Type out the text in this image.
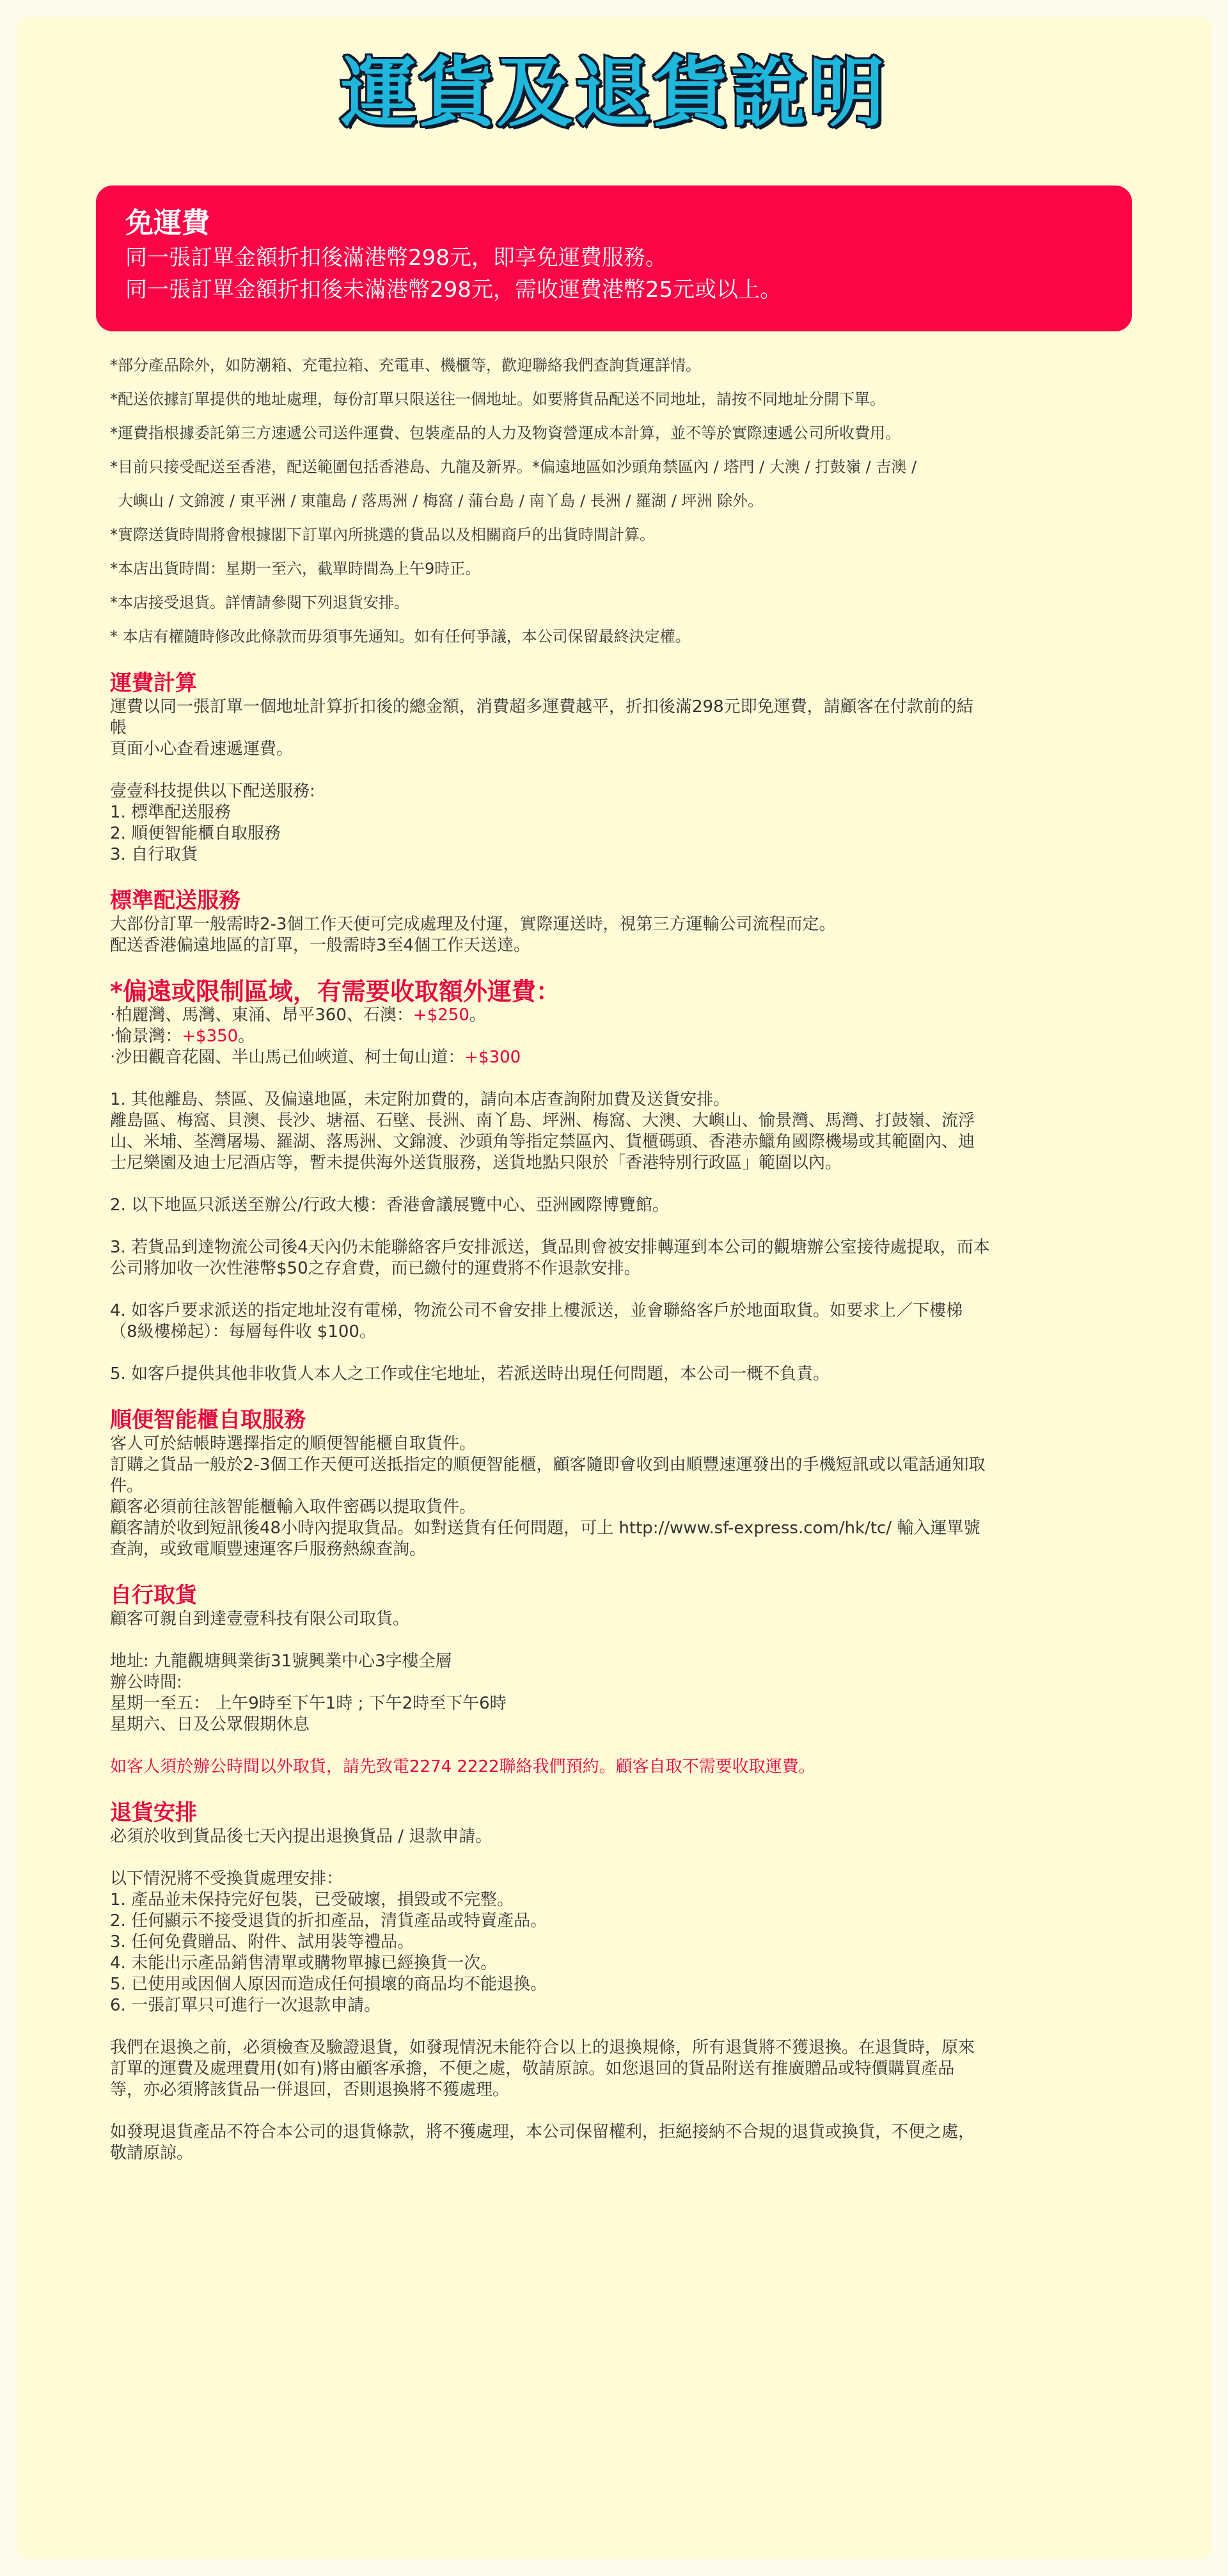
運貨及退貨說明
免運費
同一張訂單金額折扣後滿港幣298元，即享免運費服務。
同一張訂單金額折扣後未滿港幣298元，需收運費港幣25元或以上。
*部分產品除外，如防潮箱、充電拉箱、充電車、機櫃等，歡迎聯絡我們查詢貨運詳情。
*配送依據訂單提供的地址處理，每份訂單只限送往一個地址。如要將貨品配送不同地址，請按不同地址分開下單。
*運費指根據委託第三方速遞公司送件運費、包裝產品的人力及物資營運成本計算，並不等於實際速遞公司所收費用。
*目前只接受配送至香港，配送範圍包括香港島、九龍及新界。*偏遠地區如沙頭角禁區內 / 塔門 / 大澳 / 打鼓嶺 / 吉澳 /
大嶼山 / 文錦渡 / 東平洲 / 東龍島 / 落馬洲 / 梅窩 / 蒲台島 / 南丫島 / 長洲 / 羅湖 / 坪洲 除外。
*實際送貨時間將會根據閣下訂單內所挑選的貨品以及相關商戶的出貨時間計算。
*本店出貨時間：星期一至六，截單時間為上午9時正。
*本店接受退貨。詳情請參閱下列退貨安排。
* 本店有權隨時修改此條款而毋須事先通知。如有任何爭議，本公司保留最終決定權。
運費計算
運費以同一張訂單一個地址計算折扣後的總金額，消費超多運費越平，折扣後滿298元即免運費，請顧客在付款前的結
帳
頁面小心查看速遞運費。
壹壹科技提供以下配送服務:
1. 標準配送服務
2. 順便智能櫃自取服務
3. 自行取貨
標準配送服務
大部份訂單一般需時2-3個工作天便可完成處理及付運，實際運送時，視第三方運輸公司流程而定。
配送香港偏遠地區的訂單，一般需時3至4個工作天送達。
*偏遠或限制區域，有需要收取額外運費：
‧柏麗灣、馬灣、東涌、昂平360、石澳：+$250。
‧愉景灣：+$350。
‧沙田觀音花園、半山馬己仙峽道、柯士甸山道：+$300
1. 其他離島、禁區、及偏遠地區，未定附加費的，請向本店查詢附加費及送貨安排。
離島區、梅窩、貝澳、長沙、塘福、石壁、長洲、南丫島、坪洲、梅窩、大澳、大嶼山、愉景灣、馬灣、打鼓嶺、流浮
山、米埔、荃灣屠場、羅湖、落馬洲、文錦渡、沙頭角等指定禁區內、貨櫃碼頭、香港赤鱲角國際機場或其範圍內、迪
士尼樂園及迪士尼酒店等，暫未提供海外送貨服務，送貨地點只限於「香港特別行政區」範圍以內。
2. 以下地區只派送至辦公/行政大樓：香港會議展覽中心、亞洲國際博覽館。
3. 若貨品到達物流公司後4天內仍未能聯絡客戶安排派送，貨品則會被安排轉運到本公司的觀塘辦公室接待處提取，而本
公司將加收一次性港幣$50之存倉費，而已繳付的運費將不作退款安排。
4. 如客戶要求派送的指定地址沒有電梯，物流公司不會安排上樓派送，並會聯絡客戶於地面取貨。如要求上／下樓梯
（8級樓梯起）：每層每件收 $100。
5. 如客戶提供其他非收貨人本人之工作或住宅地址，若派送時出現任何問題，本公司一概不負責。
順便智能櫃自取服務
客人可於結帳時選擇指定的順便智能櫃自取貨件。
訂購之貨品一般於2-3個工作天便可送抵指定的順便智能櫃，顧客隨即會收到由順豐速運發出的手機短訊或以電話通知取
件。
顧客必須前往該智能櫃輸入取件密碼以提取貨件。
顧客請於收到短訊後48小時內提取貨品。如對送貨有任何問題，可上 http://www.sf-express.com/hk/tc/ 輸入運單號
查詢，或致電順豐速運客戶服務熱線查詢。
自行取貨
顧客可親自到達壹壹科技有限公司取貨。
地址: 九龍觀塘興業街31號興業中心3字樓全層
辦公時間:
星期一至五： 上午9時至下午1時 ; 下午2時至下午6時
星期六、日及公眾假期休息
如客人須於辦公時間以外取貨，請先致電2274 2222聯絡我們預約。顧客自取不需要收取運費。
退貨安排
必須於收到貨品後七天內提出退換貨品 / 退款申請。
以下情況將不受換貨處理安排：
1. 產品並未保持完好包裝，已受破壞，損毀或不完整。
2. 任何顯示不接受退貨的折扣產品，清貨產品或特賣產品。
3. 任何免費贈品、附件、試用裝等禮品。
4. 未能出示產品銷售清單或購物單據已經換貨一次。
5. 已使用或因個人原因而造成任何損壞的商品均不能退換。
6. 一張訂單只可進行一次退款申請。
我們在退換之前，必須檢查及驗證退貨，如發現情況未能符合以上的退換規條，所有退貨將不獲退換。在退貨時，原來
訂單的運費及處理費用(如有)將由顧客承擔，不便之處，敬請原諒。如您退回的貨品附送有推廣贈品或特價購買產品
等，亦必須將該貨品一併退回，否則退換將不獲處理。
如發現退貨產品不符合本公司的退貨條款，將不獲處理，本公司保留權利，拒絕接納不合規的退貨或換貨，不便之處，
敬請原諒。
